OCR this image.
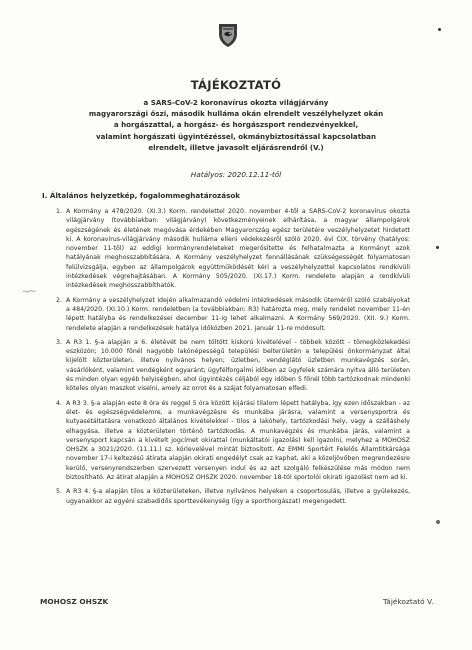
TÁJÉKOZTATÓ
a SARS-CoV-2 koronavírus okozta világjárvány
magyarországi őszi, második hulláma okán elrendelt veszélyhelyzet okán
a horgászattal, a horgász- és horgászsport rendezvényekkel,
valamint horgászati ügyintézéssel, okmánybiztosítással kapcsolatban
elrendelt, illetve javasolt eljárásrendről (V.)
Hatályos: 2020.12.11-től
I. Általános helyzetkép, fogalommeghatározások
1. A Kormány a 478/2020. (XI.3.) Korm. rendelettel 2020. november 4-től a SARS-CoV-2 koronavírus okozta világjárvány (továbbiakban: világjárvány) következményeinek elhárítása, a magyar állampolgárok egészségének és életének megóvása érdekében Magyarország egész területére veszélyhelyzetet hirdetett ki. A koronavírus-világjárvány második hulláma elleni védekezésről szóló 2020. évi CIX. törvény (hatályos: november 11-től) az eddigi kormányrendeleteket megerősítette és felhatalmazta a Kormányt azok hatályának meghosszabbítására. A Kormány veszélyhelyzet fennállásának szükségességét folyamatosan felülvizsgálja, egyben az állampolgárok együttműködését kéri a veszélyhelyzettel kapcsolatos rendkívüli intézkedések végrehajtásában. A Kormány 505/2020. (XI.17.) Korm. rendelete alapján a rendkívüli intézkedések meghosszabbíthatók.
2. A Kormány a veszélyhelyzet idején alkalmazandó védelmi intézkedések második üteméről szóló szabályokat a 484/2020. (XI.10.) Korm. rendeletben (a továbbiakban: R3) határozta meg, mely rendelet november 11-én lépett hatályba és rendelkezései december 11-ig lehet alkalmazni. A Kormány 569/2020. (XII. 9.) Korm. rendelete alapján a rendelkezések hatálya időközben 2021. január 11-re módosult.
3. A R3 1. §-a alapján a 6. életévét be nem töltött kiskorú kivételével - többek között - tömegközlekedési eszközön; 10.000 főnél nagyobb lakónépességű települési belterületén a települési önkormányzat által kijelölt közterületen, illetve nyilvános helyen; üzletben, vendéglátó üzletben munkavégzés során, vásárlóként, valamint vendégként egyaránt; ügyfélforgalmi időben az ügyfelek számára nyitva álló területen és minden olyan egyéb helyiségben, ahol ügyintézés céljából egy időben 5 főnél több tartózkodnak mindenki köteles olyan maszkot viselni, amely az orrot és a szájat folyamatosan elfedi.
4. A R3 3. §-a alapján este 8 óra és reggel 5 óra között kijárási tilalom lépett hatályba, így ezen időszakban - az élet- és egészségvédelemre, a munkavégzésre és munkába járásra, valamint a versenysportra és kutyasétáltatásra vonatkozó általános kivételekkel - tilos a lakóhely, tartózkodási hely, vagy a szálláshely elhagyása, illetve a közterületen történő tartózkodás. A munkavégzés és munkába járás, valamint a versenysport kapcsán a kivételt jogcímet okirattal (munkáltatói igazolás) kell igazolni, melyhez a MOHOSZ OHSZK a 3021/2020. (11.11.) sz. körlevelével mintát biztosított. Az EMMI Sportért Felelős Államtitkársága november 17-i keltezésű átirata alapján okirati engedélyt csak az kaphat, aki a közeljövőben megrendezésre kerülő, versenyrendszerben szervezett versenyen indul és az azt szolgáló felkészülése más módon nem biztosítható. Az átirat alapján a MOHOSZ OHSZK 2020. november 18-tól sportolói okirati igazolást nem ad ki.
5. A R3 4. §-a alapján tilos a közterületeken, illetve nyilvános helyeken a csoportosulás, illetve a gyülekezés, ugyanakkor az egyéni szabadidős sporttevékenység (így a sporthorgászat) megengedett.
MOHOSZ OHSZK	Tájékoztató V.
